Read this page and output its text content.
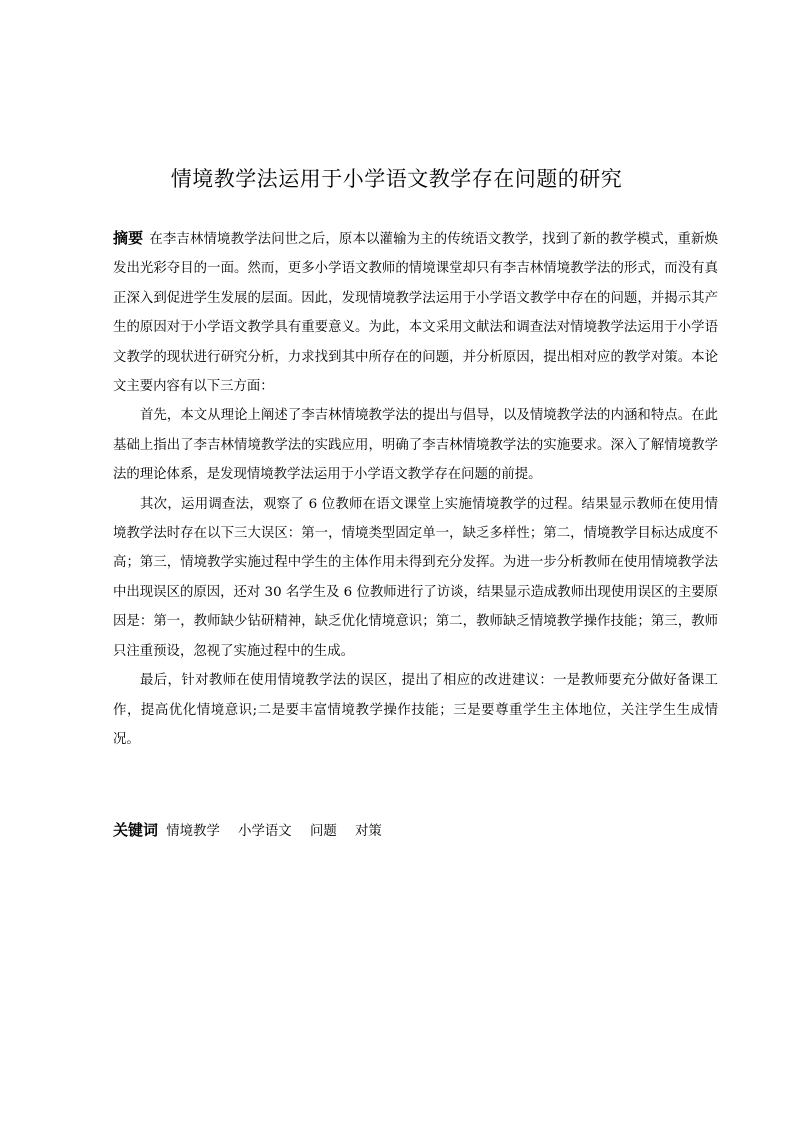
情境教学法运用于小学语文教学存在问题的研究

摘要 在李吉林情境教学法问世之后，原本以灌输为主的传统语文教学，找到了新的教学模式，重新焕发出光彩夺目的一面。然而，更多小学语文教师的情境课堂却只有李吉林情境教学法的形式，而没有真正深入到促进学生发展的层面。因此，发现情境教学法运用于小学语文教学中存在的问题，并揭示其产生的原因对于小学语文教学具有重要意义。为此，本文采用文献法和调查法对情境教学法运用于小学语文教学的现状进行研究分析，力求找到其中所存在的问题，并分析原因，提出相对应的教学对策。本论文主要内容有以下三方面：

首先，本文从理论上阐述了李吉林情境教学法的提出与倡导，以及情境教学法的内涵和特点。在此基础上指出了李吉林情境教学法的实践应用，明确了李吉林情境教学法的实施要求。深入了解情境教学法的理论体系，是发现情境教学法运用于小学语文教学存在问题的前提。

其次，运用调查法，观察了 6 位教师在语文课堂上实施情境教学的过程。结果显示教师在使用情境教学法时存在以下三大误区：第一，情境类型固定单一，缺乏多样性；第二，情境教学目标达成度不高；第三，情境教学实施过程中学生的主体作用未得到充分发挥。为进一步分析教师在使用情境教学法中出现误区的原因，还对 30 名学生及 6 位教师进行了访谈，结果显示造成教师出现使用误区的主要原因是：第一，教师缺少钻研精神，缺乏优化情境意识；第二，教师缺乏情境教学操作技能；第三，教师只注重预设，忽视了实施过程中的生成。

最后，针对教师在使用情境教学法的误区，提出了相应的改进建议：一是教师要充分做好备课工作，提高优化情境意识;二是要丰富情境教学操作技能；三是要尊重学生主体地位，关注学生生成情况。

关键词 情境教学 小学语文 问题 对策
